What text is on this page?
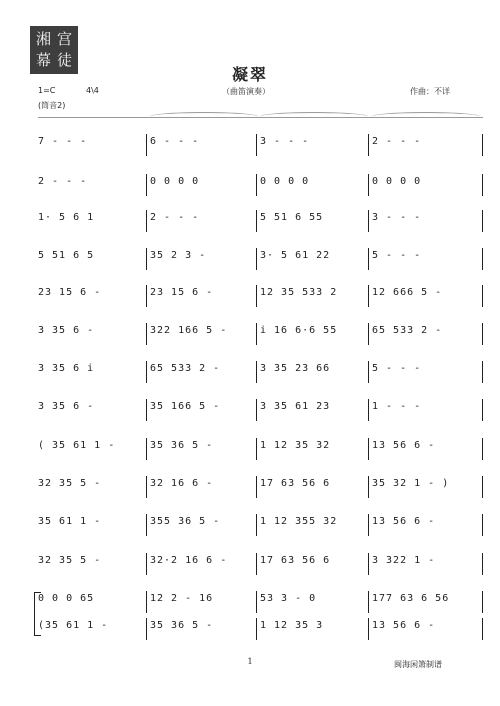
湘 宫
幕 徒
凝翠
1=C	4\4	（曲笛演奏）	作曲：不详
(筒音2)
7 - - -	6 - - -	3 - - -	2 - - -
2 - - -	0 0 0 0	0 0 0 0	0 0 0 0
1· 5 6 1	2 - - -	5 51 6 55	3 - - -
5 51 6 5	35 2 3 -	3· 5 61 22	5 - - -
23 15 6 -	23 15 6 -	12 35 533 2	12 666 5 -
3 35 6 -	322 166 5 -	i 16 6·6 55	65 533 2 -
3 35 6 i	65 533 2 -	3 35 23 66	5 - - -
3 35 6 -	35 166 5 -	3 35 61 23	1 - - -
( 35 61 1 -	35 36 5 -	1 12 35 32	13 56 6 -
32 35 5 -	32 16 6 -	17 63 56 6	35 32 1 - )
35 61 1 -	355 36 5 -	1 12 355 32	13 56 6 -
32 35 5 -	32·2 16 6 -	17 63 56 6	3 322 1 -
0 0 0 65	12 2 - 16	53 3 - 0	177 63 6 56
(35 61 1 -	35 36 5 -	1 12 35 3	13 56 6 -
1	闽海闲箫制谱
